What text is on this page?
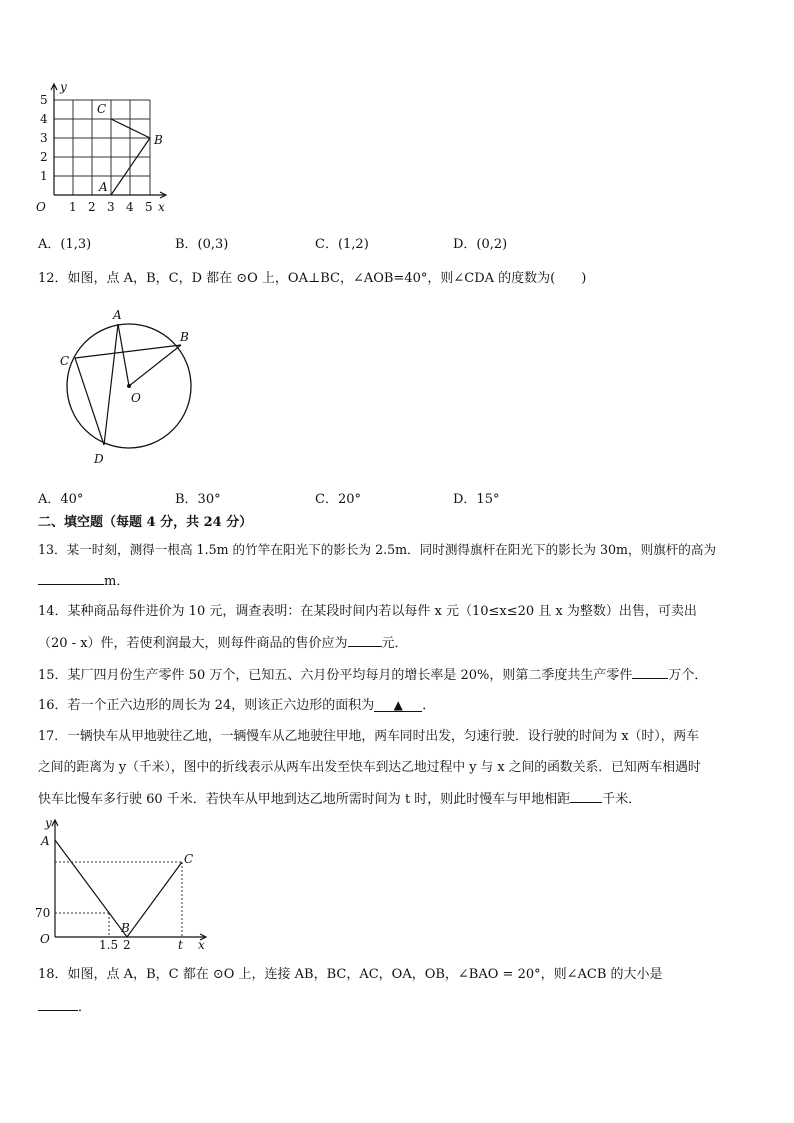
y
x
O
5
4
3
2
1
1 2 3 4 5
A
B
C
A．(1,3)	B．(0,3)	C．(1,2)	D．(0,2)
12．如图，点 A，B，C，D 都在 ⊙O 上，OA⊥BC，∠AOB=40°，则∠CDA 的度数为(　　)
A
B
C
D
O
A．40°	B．30°	C．20°	D．15°
二、填空题（每题 4 分，共 24 分）
13．某一时刻，测得一根高 1.5m 的竹竿在阳光下的影长为 2.5m．同时测得旗杆在阳光下的影长为 30m，则旗杆的高为
m．
14．某种商品每件进价为 10 元，调查表明：在某段时间内若以每件 x 元（10≤x≤20 且 x 为整数）出售，可卖出
（20 - x）件，若使利润最大，则每件商品的售价应为	元．
15．某厂四月份生产零件 50 万个，已知五、六月份平均每月的增长率是 20%，则第二季度共生产零件	万个．
16．若一个正六边形的周长为 24，则该正六边形的面积为 ▲ ．
17．一辆快车从甲地驶往乙地，一辆慢车从乙地驶往甲地，两车同时出发，匀速行驶．设行驶的时间为 x（时），两车
之间的距离为 y（千米），图中的折线表示从两车出发至快车到达乙地过程中 y 与 x 之间的函数关系．已知两车相遇时
快车比慢车多行驶 60 千米．若快车从甲地到达乙地所需时间为 t 时，则此时慢车与甲地相距 千米．
y
x
O
A
B
C
70
1.5 2	t
18．如图，点 A，B，C 都在 ⊙O 上，连接 AB，BC，AC，OA，OB，∠BAO = 20°，则∠ACB 的大小是
．
